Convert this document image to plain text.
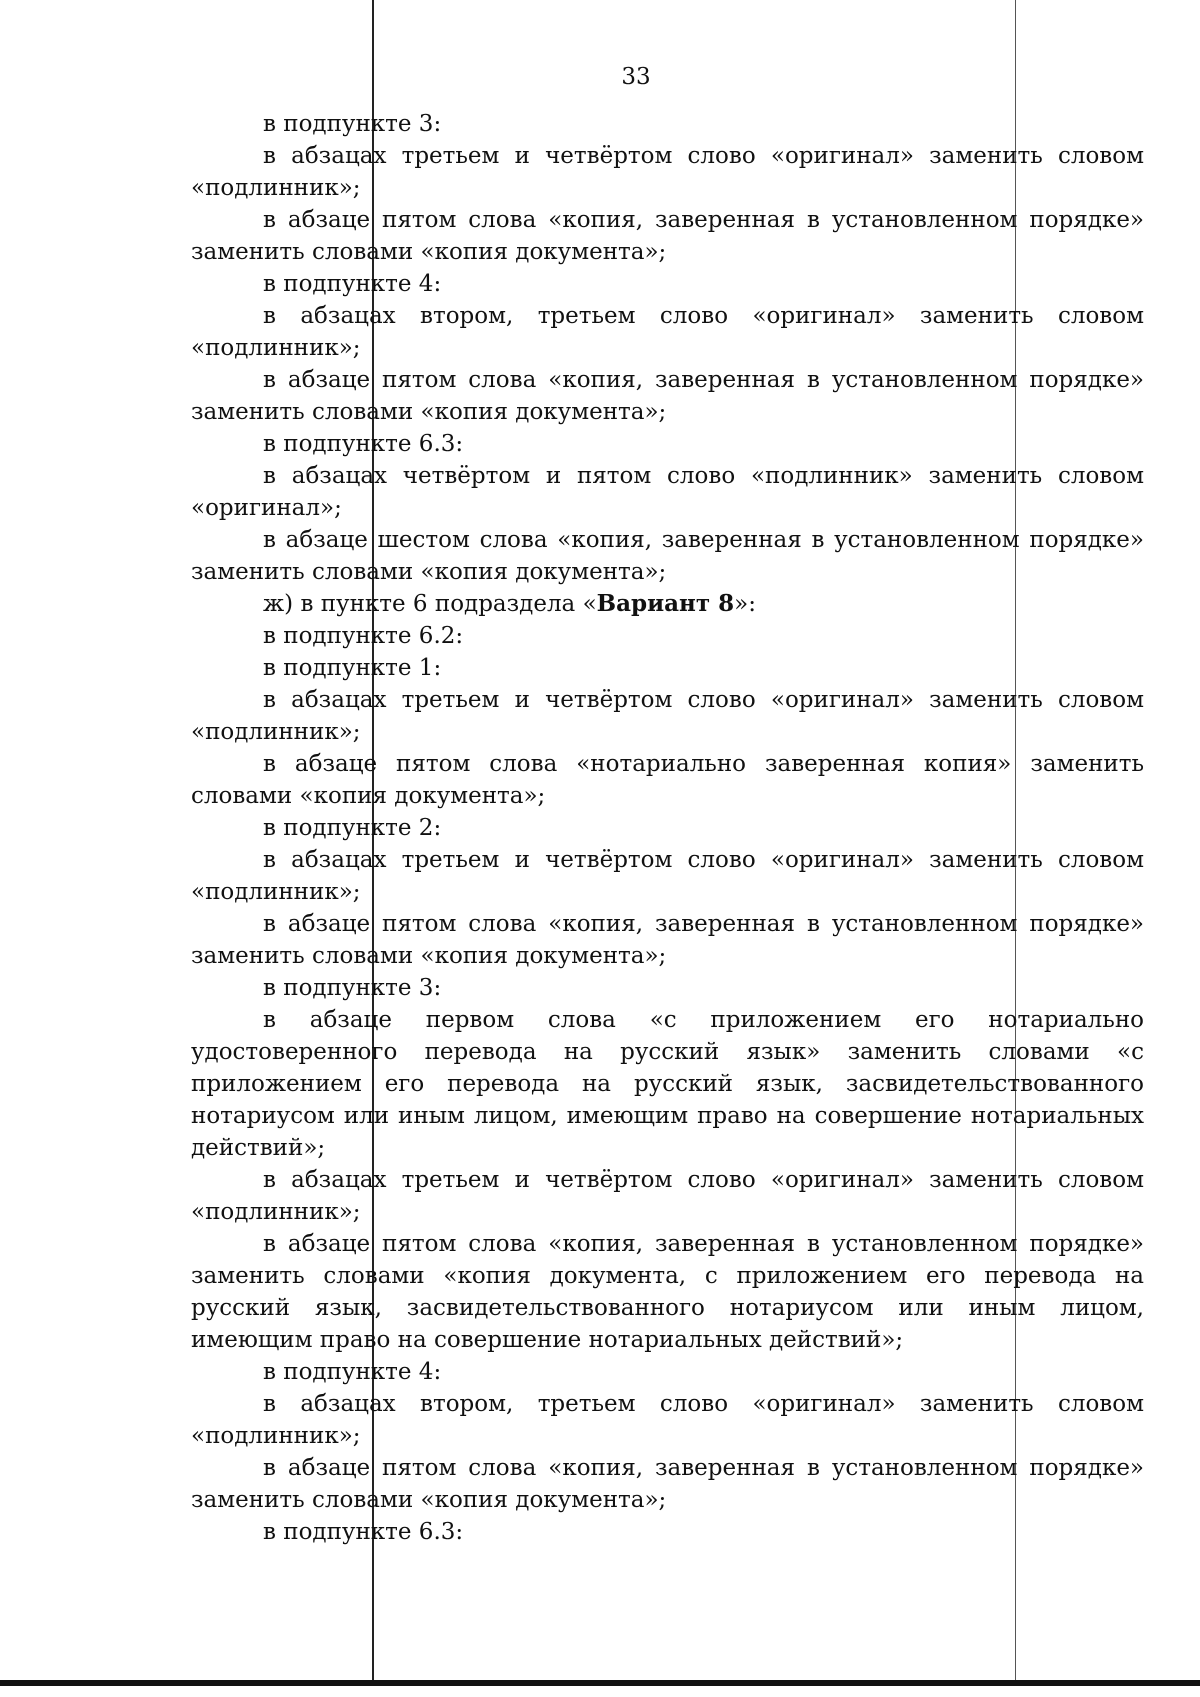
33

в подпункте 3:

в абзацах третьем и четвёртом слово «оригинал» заменить словом «подлинник»;

в абзаце пятом слова «копия, заверенная в установленном порядке» заменить словами «копия документа»;

в подпункте 4:

в абзацах втором, третьем слово «оригинал» заменить словом «подлинник»;

в абзаце пятом слова «копия, заверенная в установленном порядке» заменить словами «копия документа»;

в подпункте 6.3:

в абзацах четвёртом и пятом слово «подлинник» заменить словом «оригинал»;

в абзаце шестом слова «копия, заверенная в установленном порядке» заменить словами «копия документа»;

ж) в пункте 6 подраздела «Вариант 8»:

в подпункте 6.2:

в подпункте 1:

в абзацах третьем и четвёртом слово «оригинал» заменить словом «подлинник»;

в абзаце пятом слова «нотариально заверенная копия» заменить словами «копия документа»;

в подпункте 2:

в абзацах третьем и четвёртом слово «оригинал» заменить словом «подлинник»;

в абзаце пятом слова «копия, заверенная в установленном порядке» заменить словами «копия документа»;

в подпункте 3:

в абзаце первом слова «с приложением его нотариально удостоверенного перевода на русский язык» заменить словами «с приложением его перевода на русский язык, засвидетельствованного нотариусом или иным лицом, имеющим право на совершение нотариальных действий»;

в абзацах третьем и четвёртом слово «оригинал» заменить словом «подлинник»;

в абзаце пятом слова «копия, заверенная в установленном порядке» заменить словами «копия документа, с приложением его перевода на русский язык, засвидетельствованного нотариусом или иным лицом, имеющим право на совершение нотариальных действий»;

в подпункте 4:

в абзацах втором, третьем слово «оригинал» заменить словом «подлинник»;

в абзаце пятом слова «копия, заверенная в установленном порядке» заменить словами «копия документа»;

в подпункте 6.3:
